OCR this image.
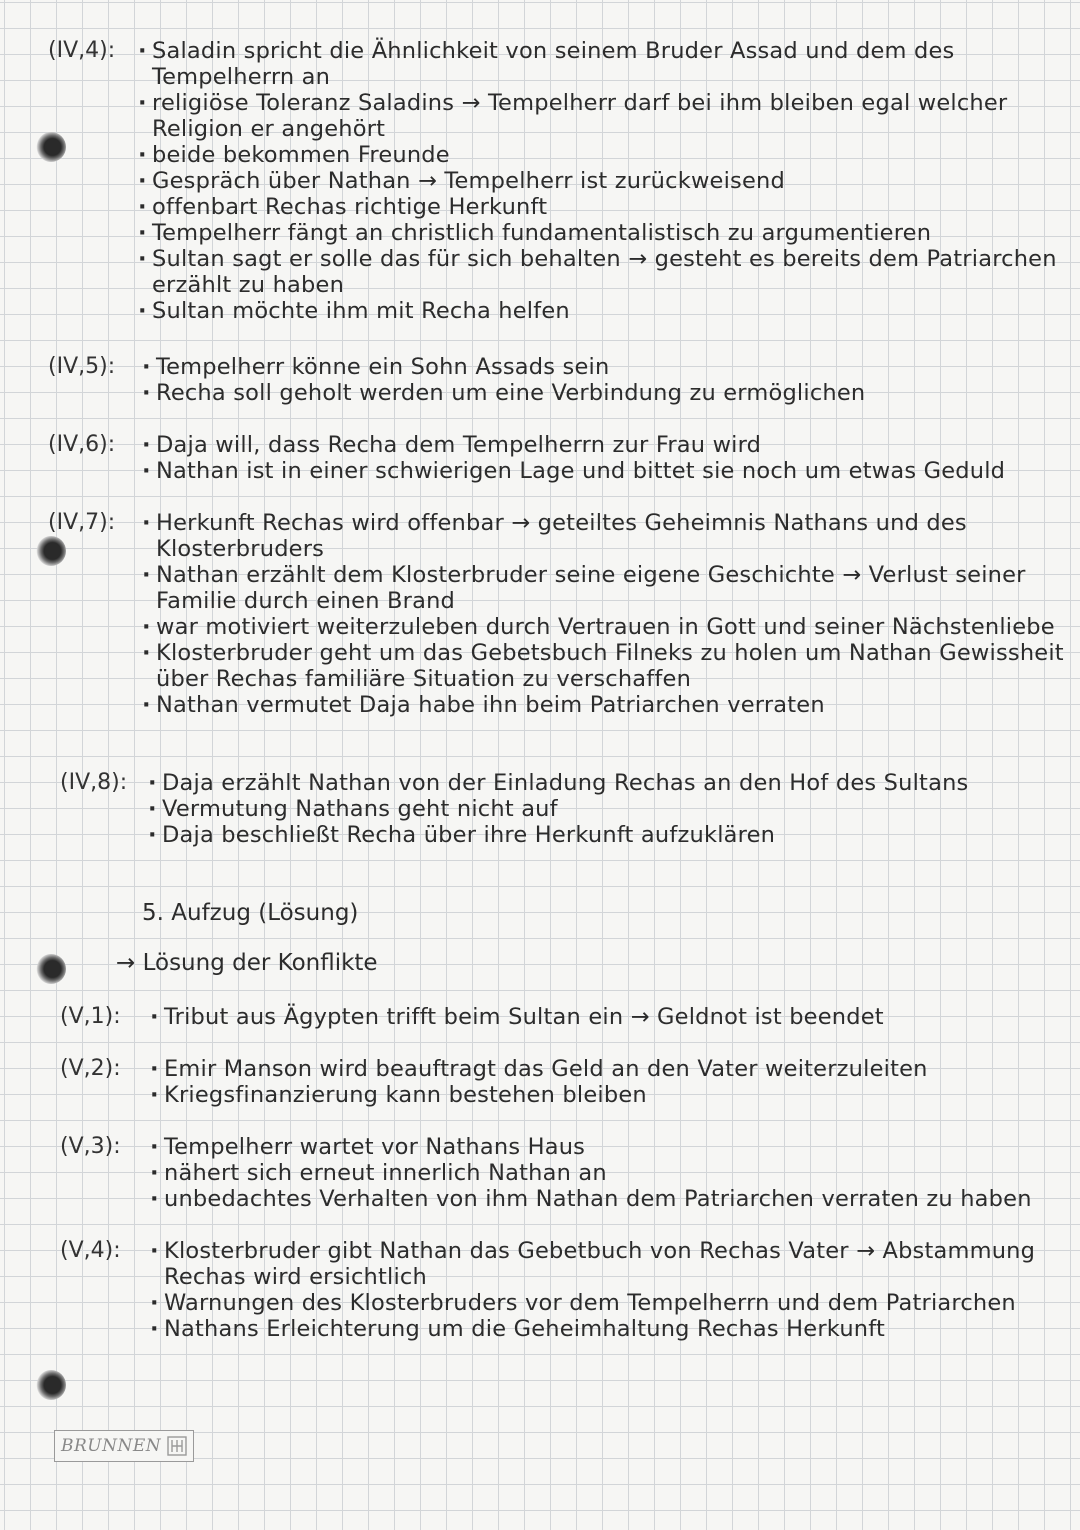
(IV,4):	· Saladin spricht die Ähnlichkeit von seinem Bruder Assad und dem des Tempelherrn an
· religiöse Toleranz Saladins → Tempelherr darf bei ihm bleiben egal welcher Religion er angehört
· beide bekommen Freunde
· Gespräch über Nathan → Tempelherr ist zurückweisend
· offenbart Rechas richtige Herkunft
· Tempelherr fängt an christlich fundamentalistisch zu argumentieren
· Sultan sagt er solle das für sich behalten → gesteht es bereits dem Patriarchen erzählt zu haben
· Sultan möchte ihm mit Recha helfen
(IV,5):	· Tempelherr könne ein Sohn Assads sein
· Recha soll geholt werden um eine Verbindung zu ermöglichen
(IV,6):	· Daja will, dass Recha dem Tempelherrn zur Frau wird
· Nathan ist in einer schwierigen Lage und bittet sie noch um etwas Geduld
(IV,7):	· Herkunft Rechas wird offenbar → geteiltes Geheimnis Nathans und des Klosterbruders
· Nathan erzählt dem Klosterbruder seine eigene Geschichte → Verlust seiner Familie durch einen Brand
· war motiviert weiterzuleben durch Vertrauen in Gott und seiner Nächstenliebe
· Klosterbruder geht um das Gebetsbuch Filneks zu holen um Nathan Gewissheit über Rechas familiäre Situation zu verschaffen
· Nathan vermutet Daja habe ihn beim Patriarchen verraten
(IV,8):	· Daja erzählt Nathan von der Einladung Rechas an den Hof des Sultans
· Vermutung Nathans geht nicht auf
· Daja beschließt Recha über ihre Herkunft aufzuklären
5. Aufzug (Lösung)
→ Lösung der Konflikte
(V,1):	· Tribut aus Ägypten trifft beim Sultan ein → Geldnot ist beendet
(V,2):	· Emir Manson wird beauftragt das Geld an den Vater weiterzuleiten
· Kriegsfinanzierung kann bestehen bleiben
(V,3):	· Tempelherr wartet vor Nathans Haus
· nähert sich erneut innerlich Nathan an
· unbedachtes Verhalten von ihm Nathan dem Patriarchen verraten zu haben
(V,4):	· Klosterbruder gibt Nathan das Gebetbuch von Rechas Vater → Abstammung Rechas wird ersichtlich
· Warnungen des Klosterbruders vor dem Tempelherrn und dem Patriarchen
· Nathans Erleichterung um die Geheimhaltung Rechas Herkunft
BRUNNEN
